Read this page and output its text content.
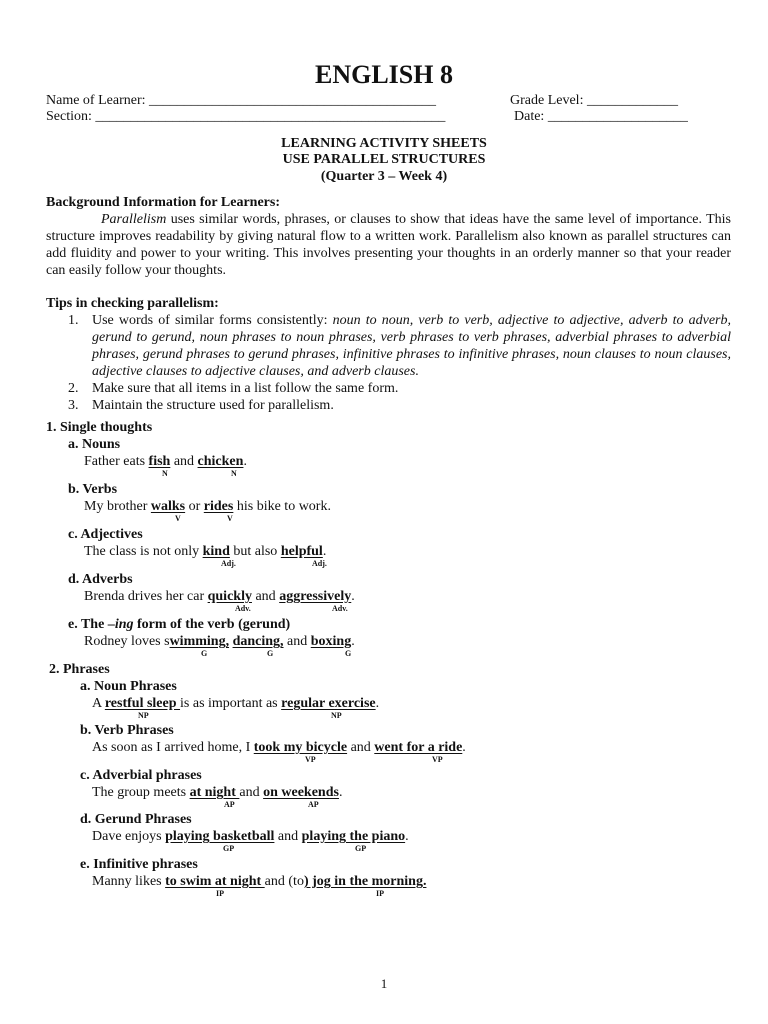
ENGLISH 8
Name of Learner: _________________________________________	Grade Level: _____________
Section: __________________________________________________	Date: ____________________
LEARNING ACTIVITY SHEETS
USE PARALLEL STRUCTURES
(Quarter 3 – Week 4)
Background Information for Learners:
Parallelism uses similar words, phrases, or clauses to show that ideas have the same level of importance. This structure improves readability by giving natural flow to a written work. Parallelism also known as parallel structures can add fluidity and power to your writing. This involves presenting your thoughts in an orderly manner so that your reader can easily follow your thoughts.
Tips in checking parallelism:

1. Use words of similar forms consistently: noun to noun, verb to verb, adjective to adjective, adverb to adverb, gerund to gerund, noun phrases to noun phrases, verb phrases to verb phrases, adverbial phrases to adverbial phrases, gerund phrases to gerund phrases, infinitive phrases to infinitive phrases, noun clauses to noun clauses, adjective clauses to adjective clauses, and adverb clauses.

2. Make sure that all items in a list follow the same form.

3. Maintain the structure used for parallelism.

1. Single thoughts
a. Nouns
Father eats fish and chicken.
N	N
b. Verbs
My brother walks or rides his bike to work.
V	V
c. Adjectives
The class is not only kind but also helpful.
Adj.	Adj.
d. Adverbs
Brenda drives her car quickly and aggressively.
Adv.	Adv.
e. The –ing form of the verb (gerund)
Rodney loves swimming, dancing, and boxing.
G	G	G
2. Phrases
a. Noun Phrases
A restful sleep is as important as regular exercise.
NP	NP
b. Verb Phrases
As soon as I arrived home, I took my bicycle and went for a ride.
VP	VP
c. Adverbial phrases
The group meets at night and on weekends.
AP	AP
d. Gerund Phrases
Dave enjoys playing basketball and playing the piano.
GP	GP
e. Infinitive phrases
Manny likes to swim at night and (to) jog in the morning.
IP	IP
1
